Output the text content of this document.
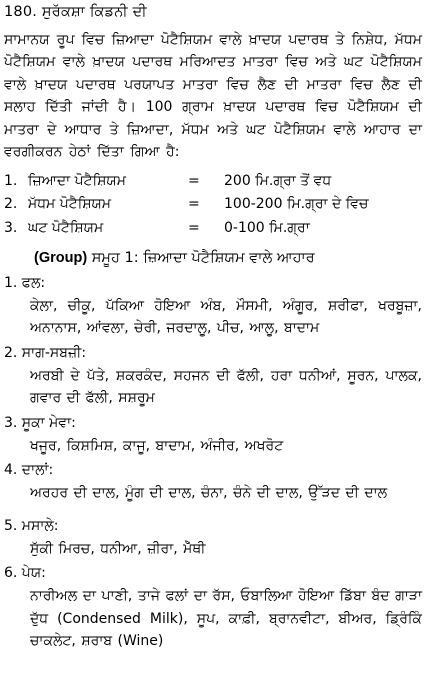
180. ਸੁਰੱਕਸ਼ਾ ਕਿਡਨੀ ਦੀ
ਸਾਮਾਨਯ ਰੂਪ ਵਿਚ ਜ਼ਿਆਦਾ ਪੋਟੈਸ਼ਿਯਮ ਵਾਲੇ ਖ਼ਾਦਯ ਪਦਾਰਥ ਤੇ ਨਿਸ਼ੇਧ, ਮੱਧਮ ਪੋਟੈਸ਼ਿਯਮ ਵਾਲੇ ਖ਼ਾਦਯ ਪਦਾਰਥ ਮਰਿਆਦਤ ਮਾਤਰਾ ਵਿਚ ਅਤੇ ਘਟ ਪੋਟੈਸ਼ਿਯਮ ਵਾਲੇ ਖ਼ਾਦਯ ਪਦਾਰਥ ਪਰਯਾਪਤ ਮਾਤਰਾ ਵਿਚ ਲੈਣ ਦੀ ਮਾਤਰਾ ਵਿਚ ਲੈਣ ਦੀ ਸਲਾਹ ਦਿੱਤੀ ਜਾਂਦੀ ਹੈ। 100 ਗ੍ਰਾਮ ਖ਼ਾਦਯ ਪਦਾਰਥ ਵਿਚ ਪੋਟੈਸ਼ਿਯਮ ਦੀ ਮਾਤਰਾ ਦੇ ਆਧਾਰ ਤੇ ਜ਼ਿਆਦਾ, ਮੱਧਮ ਅਤੇ ਘਟ ਪੋਟੈਸ਼ਿਯਮ ਵਾਲੇ ਆਹਾਰ ਦਾ ਵਰਗੀਕਰਨ ਹੇਠਾਂ ਦਿੱਤਾ ਗਿਆ ਹੈ:
1. ਜ਼ਿਆਦਾ ਪੋਟੈਸ਼ਿਯਮ	=	200 ਮਿ.ਗ੍ਰਾ ਤੋਂ ਵਧ
2. ਮੱਧਮ ਪੋਟੈਸ਼ਿਯਮ	=	100-200 ਮਿ.ਗ੍ਰਾ ਦੇ ਵਿਚ
3. ਘਟ ਪੋਟੈਸ਼ਿਯਮ	=	0-100 ਮਿ.ਗ੍ਰਾ
(Group) ਸਮੂਹ 1: ਜ਼ਿਆਦਾ ਪੋਟੈਸ਼ਿਯਮ ਵਾਲੇ ਆਹਾਰ
1. ਫਲ:
ਕੇਲਾ, ਚੀਕੂ, ਪੱਕਿਆ ਹੋਇਆ ਅੰਬ, ਮੌਸਮੀ, ਅੰਗੂਰ, ਸ਼ਰੀਫਾ, ਖਰਬੂਜ਼ਾ, ਅਨਾਨਾਸ, ਆਂਵਲਾ, ਚੇਰੀ, ਜਰਦਾਲੂ, ਪੀਚ, ਆਲੂ, ਬਾਦਾਮ
2. ਸਾਗ-ਸਬਜ਼ੀ:
ਅਰਬੀ ਦੇ ਪੱਤੇ, ਸ਼ਕਰਕੰਦ, ਸਹਜਨ ਦੀ ਫੱਲੀ, ਹਰਾ ਧਨੀਆਂ, ਸੂਰਨ, ਪਾਲਕ, ਗਵਾਰ ਦੀ ਫੱਲੀ, ਸਸ਼ਰੂਮ
3. ਸੂਕਾ ਮੇਵਾ:
ਖਜੂਰ, ਕਿਸ਼ਮਿਸ਼, ਕਾਜੂ, ਬਾਦਾਮ, ਅੰਜੀਰ, ਅਖਰੋਟ
4. ਦਾਲਾਂ:
ਅਰਹਰ ਦੀ ਦਾਲ, ਮੂੰਗ ਦੀ ਦਾਲ, ਚੰਨਾ, ਚੰਨੇ ਦੀ ਦਾਲ, ਉੱੜਦ ਦੀ ਦਾਲ
5. ਮਸਾਲੇ:
ਸੁੱਕੀ ਮਿਰਚ, ਧਨੀਆ, ਜ਼ੀਰਾ, ਮੇੱਥੀ
6. ਪੇਯ:
ਨਾਰੀਅਲ ਦਾ ਪਾਣੀ, ਤਾਜੇ ਫਲਾਂ ਦਾ ਰੱਸ, ਓਬਾਲਿਆ ਹੋਇਆ ਡਿੱਬਾ ਬੰਦ ਗਾੜਾ ਦੁੱਧ (Condensed Milk), ਸੂਪ, ਕਾਫ਼ੀ, ਬ੍ਰਾਨਵੀਟਾ, ਬੀਅਰ, ਡ੍ਰਿੰਕਿੰ ਚਾਕਲੇਟ, ਸ਼ਰਾਬ (Wine)
